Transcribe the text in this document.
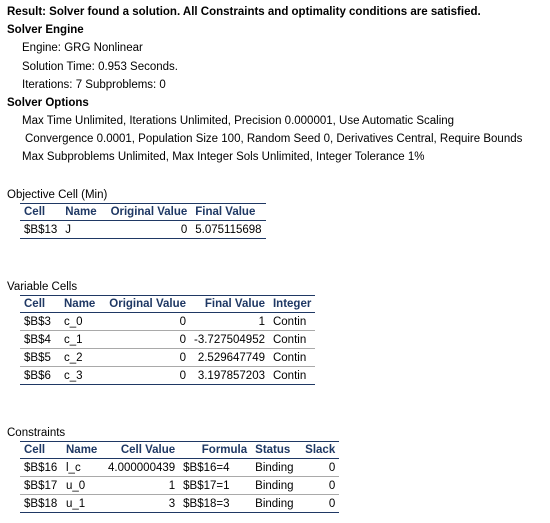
Result: Solver found a solution. All Constraints and optimality conditions are satisfied.
Solver Engine
Engine: GRG Nonlinear
Solution Time: 0.953 Seconds.
Iterations: 7 Subproblems: 0
Solver Options
Max Time Unlimited, Iterations Unlimited, Precision 0.000001, Use Automatic Scaling
Convergence 0.0001, Population Size 100, Random Seed 0, Derivatives Central, Require Bounds
Max Subproblems Unlimited, Max Integer Sols Unlimited, Integer Tolerance 1%
Objective Cell (Min)
Cell	Name	Original Value	Final Value
$B$13	J	0	5.075115698
Variable Cells
Cell	Name	Original Value	Final Value	Integer
$B$3	c_0	0	1	Contin
$B$4	c_1	0	-3.727504952	Contin
$B$5	c_2	0	2.529647749	Contin
$B$6	c_3	0	3.197857203	Contin
Constraints
Cell	Name	Cell Value	Formula	Status	Slack
$B$16	l_c	4.000000439	$B$16=4	Binding	0
$B$17	u_0	1	$B$17=1	Binding	0
$B$18	u_1	3	$B$18=3	Binding	0
